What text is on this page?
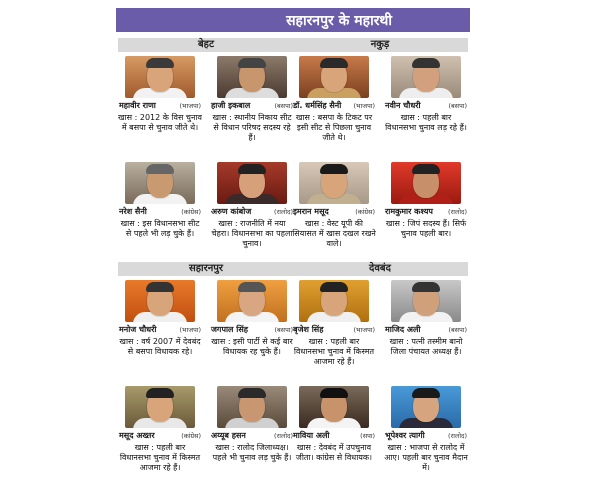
सहारनपुर के महारथी
बेहट
महावीर राणा	(भाजपा)
खास : 2012 के विस चुनाव में बसपा से चुनाव जीते थे।
हाजी इकबाल	(बसपा)
खास : स्थानीय निकाय सीट से विधान परिषद सदस्य रहे हैं।
नरेश सैनी	(कांग्रेस)
खास : इस विधानसभा सीट से पहले भी लड़ चुके हैं।
अरुण कांबोज	(रालोद)
खास : राजनीति में नया चेहरा। विधानसभा का पहला चुनाव।
नकुड़
डॉ. धर्मसिंह सैनी (भाजपा)
खास : बसपा के टिकट पर इसी सीट से पिछला चुनाव जीते थे।
नवीन चौधरी	(बसपा)
खास : पहली बार विधानसभा चुनाव लड़ रहे हैं।
इमरान मसूद	(कांग्रेस)
खास : वेस्ट यूपी की सियासत में खास दखल रखने वाले।
रामकुमार कश्यप (रालोद)
खास : जिपं सदस्य हैं। सिर्फ चुनाव पहली बार।
सहारनपुर
मनोज चौधरी	(भाजपा)
खास : वर्ष 2007 में देवबंद से बसपा विधायक रहे।
जगपाल सिंह	(बसपा)
खास : इसी पार्टी से कई बार विधायक रह चुके हैं।
मसूद अख्तर	(कांग्रेस)
खास : पहली बार विधानसभा चुनाव में किस्मत आजमा रहे हैं।
अय्यूब हसन	(रालोद)
खास : रालोद जिलाध्यक्ष। पहले भी चुनाव लड़ चुके हैं।
देवबंद
बृजेश सिंह	(भाजपा)
खास : पहली बार विधानसभा चुनाव में किस्मत आजमा रहे हैं।
माजिद अली	(बसपा)
खास : पत्नी तस्मीम बानो जिला पंचायत अध्यक्ष हैं।
माविया अली	(सपा)
खास : देवबंद में उपचुनाव जीता। कांग्रेस से विधायक।
भूपेश्वर त्यागी	(रालोद)
खास : भाजपा से रालोद में आए। पहली बार चुनाव मैदान में।
